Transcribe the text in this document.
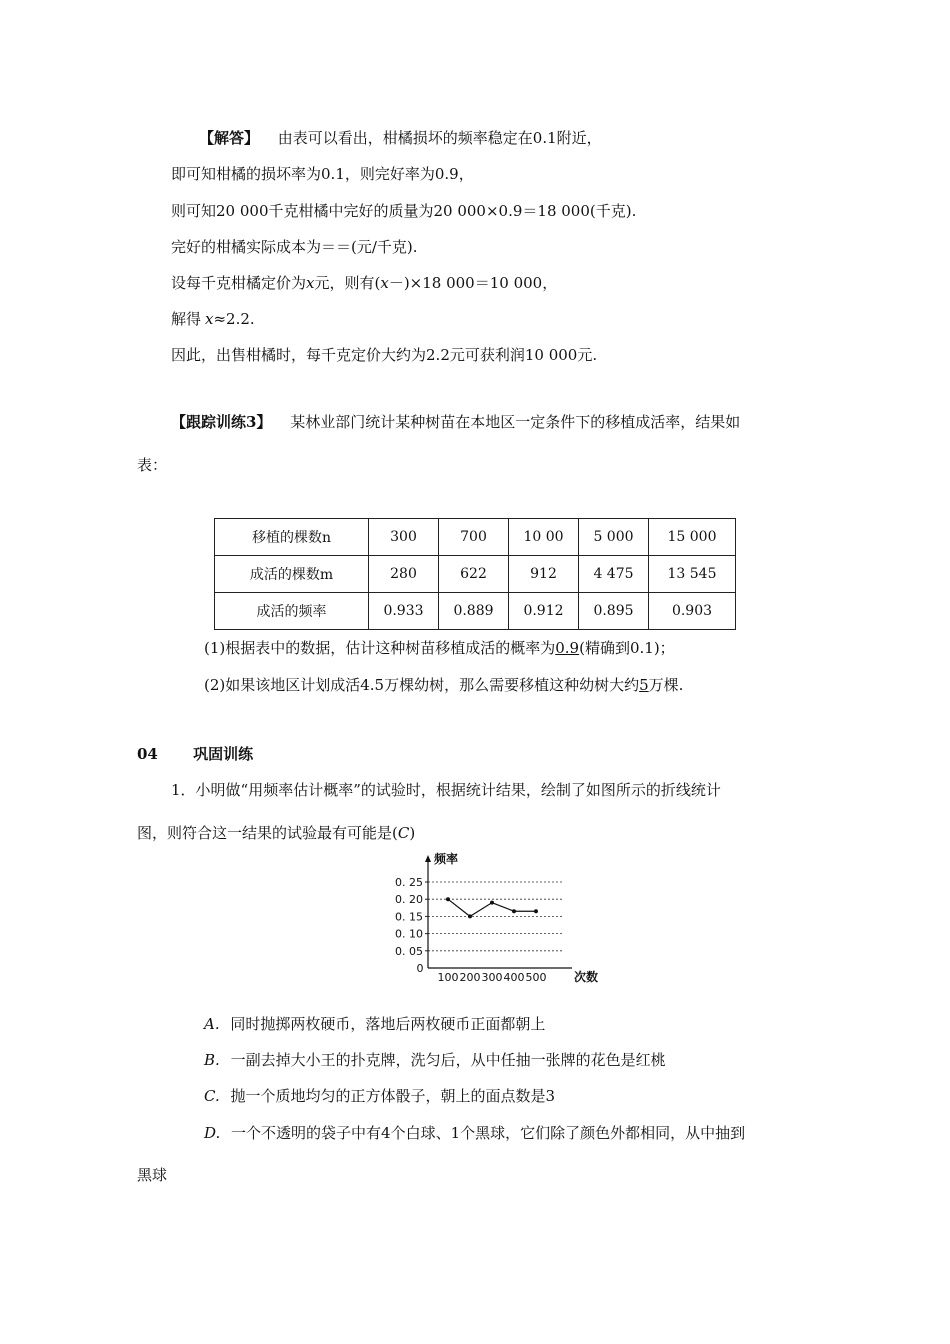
【解答】 由表可以看出，柑橘损坏的频率稳定在0.1附近，
即可知柑橘的损坏率为0.1，则完好率为0.9，
则可知20 000千克柑橘中完好的质量为20 000×0.9＝18 000(千克).
完好的柑橘实际成本为＝＝(元/千克).
设每千克柑橘定价为x元，则有(x－)×18 000＝10 000，
解得 x≈2.2.
因此，出售柑橘时，每千克定价大约为2.2元可获利润10 000元.
【跟踪训练3】 某林业部门统计某种树苗在本地区一定条件下的移植成活率，结果如
表：
移植的棵数n	300	700	10 00	5 000	15 000
成活的棵数m	280	622	912	4 475	13 545
成活的频率	0.933	0.889	0.912	0.895	0.903
(1)根据表中的数据，估计这种树苗移植成活的概率为0.9(精确到0.1)；
(2)如果该地区计划成活4.5万棵幼树，那么需要移植这种幼树大约5万棵.
04 巩固训练
1．小明做“用频率估计概率”的试验时，根据统计结果，绘制了如图所示的折线统计
图，则符合这一结果的试验最有可能是(C)
0. 25
0. 20
0. 15
0. 10
0. 05
0
频率
次数
100 200 300 400 500
A. 同时抛掷两枚硬币，落地后两枚硬币正面都朝上
B. 一副去掉大小王的扑克牌，洗匀后，从中任抽一张牌的花色是红桃
C. 抛一个质地均匀的正方体骰子，朝上的面点数是3
D. 一个不透明的袋子中有4个白球、1个黑球，它们除了颜色外都相同，从中抽到
黑球
